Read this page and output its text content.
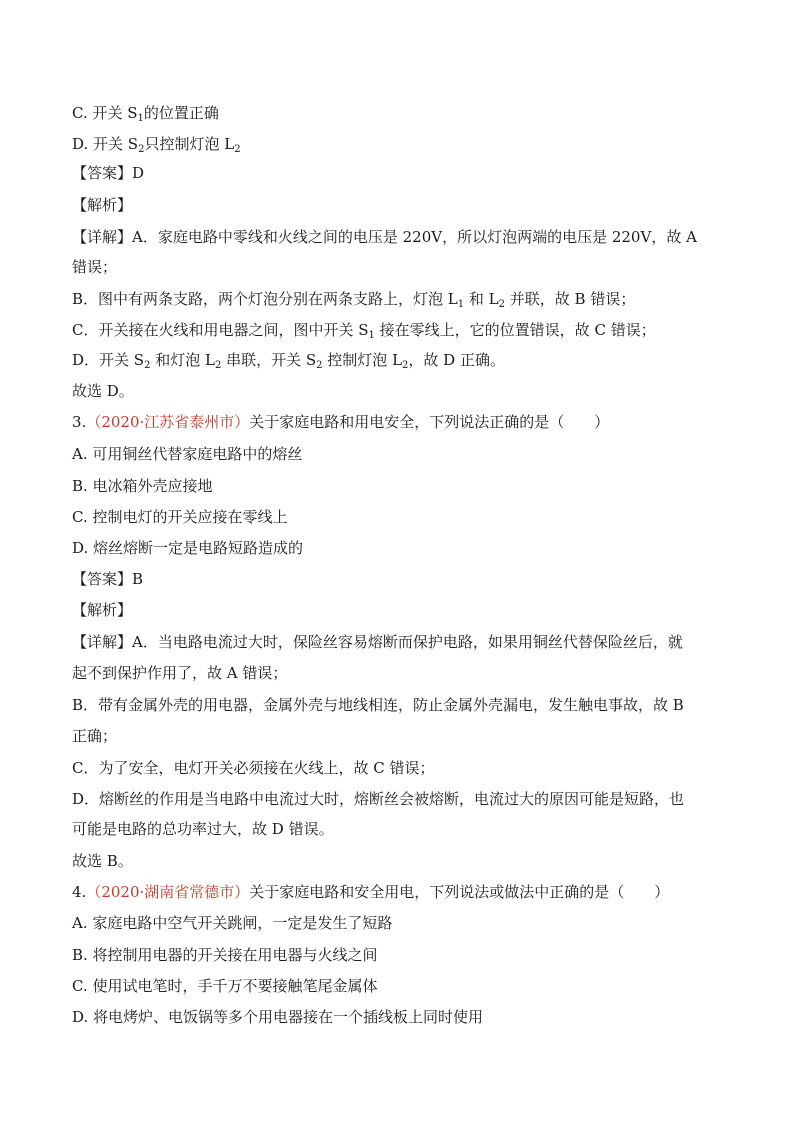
C. 开关 $S_1$的位置正确
D. 开关 $S_2$只控制灯泡 $L_2$
【答案】D
【解析】
【详解】A．家庭电路中零线和火线之间的电压是 220V，所以灯泡两端的电压是 220V，故 A
错误；
B．图中有两条支路，两个灯泡分别在两条支路上，灯泡 $L_1$ 和 $L_2$ 并联，故 B 错误；
C．开关接在火线和用电器之间，图中开关 $S_1$ 接在零线上，它的位置错误，故 C 错误；
D．开关 $S_2$ 和灯泡 $L_2$ 串联，开关 $S_2$ 控制灯泡 $L_2$，故 D 正确。
故选 D。
3.（2020·江苏省泰州市）关于家庭电路和用电安全，下列说法正确的是（　　）
A. 可用铜丝代替家庭电路中的熔丝
B. 电冰箱外壳应接地
C. 控制电灯的开关应接在零线上
D. 熔丝熔断一定是电路短路造成的
【答案】B
【解析】
【详解】A．当电路电流过大时，保险丝容易熔断而保护电路，如果用铜丝代替保险丝后，就
起不到保护作用了，故 A 错误；
B．带有金属外壳的用电器，金属外壳与地线相连，防止金属外壳漏电，发生触电事故，故 B
正确；
C．为了安全，电灯开关必须接在火线上，故 C 错误；
D．熔断丝的作用是当电路中电流过大时，熔断丝会被熔断，电流过大的原因可能是短路，也
可能是电路的总功率过大，故 D 错误。
故选 B。
4.（2020·湖南省常德市）关于家庭电路和安全用电，下列说法或做法中正确的是（　　）
A. 家庭电路中空气开关跳闸，一定是发生了短路
B. 将控制用电器的开关接在用电器与火线之间
C. 使用试电笔时，手千万不要接触笔尾金属体
D. 将电烤炉、电饭锅等多个用电器接在一个插线板上同时使用
